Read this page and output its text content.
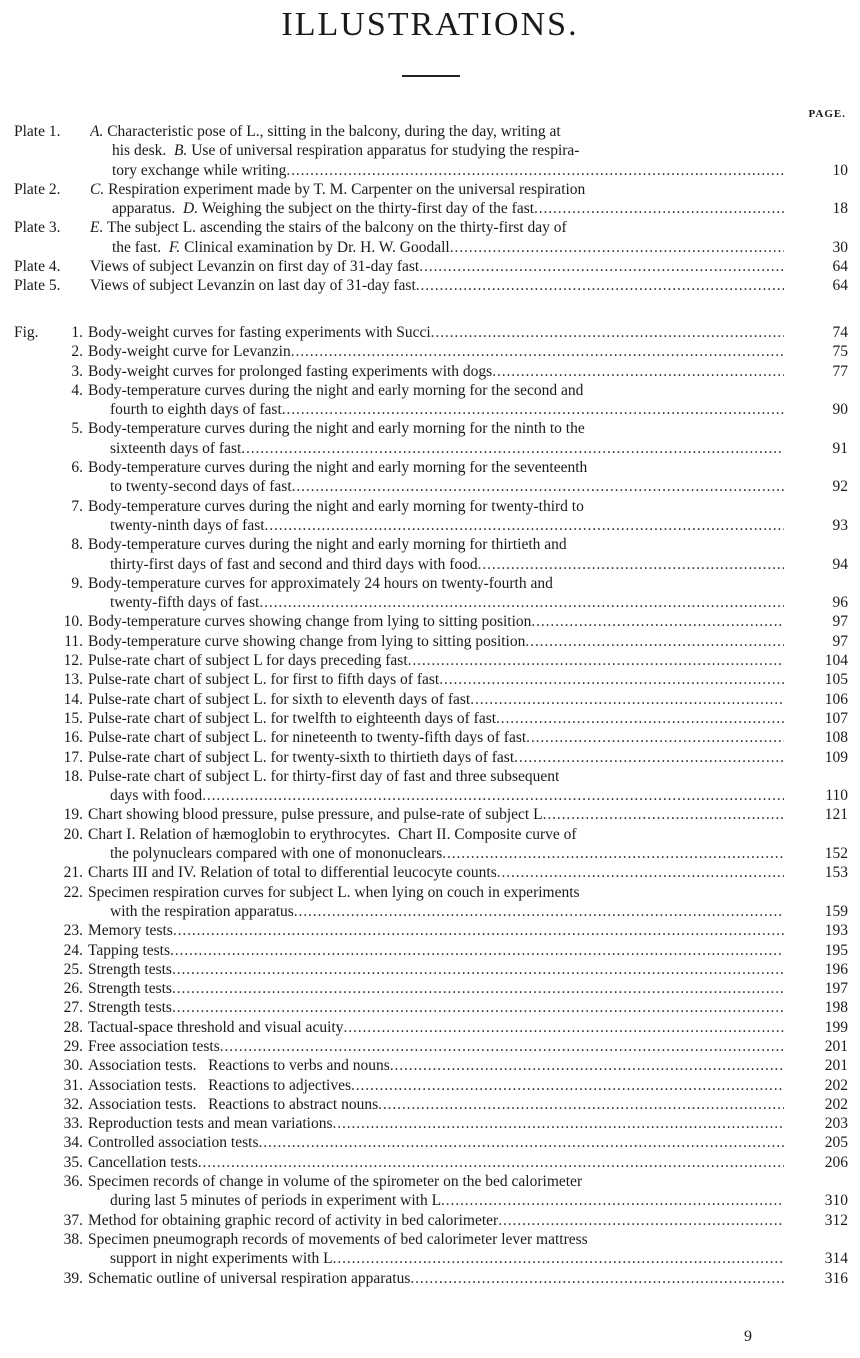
ILLUSTRATIONS.
PAGE.
Plate 1. A. Characteristic pose of L., sitting in the balcony, during the day, writing at
his desk.  B. Use of universal respiration apparatus for studying the respira-
tory exchange while writing . . .	10
Plate 2. C. Respiration experiment made by T. M. Carpenter on the universal respiration
apparatus.  D. Weighing the subject on the thirty-first day of the fast . . .	18
Plate 3. E. The subject L. ascending the stairs of the balcony on the thirty-first day of
the fast.  F. Clinical examination by Dr. H. W. Goodall . . .	30
Plate 4. Views of subject Levanzin on first day of 31-day fast . . .	64
Plate 5. Views of subject Levanzin on last day of 31-day fast . . .	64
Fig. 1. Body-weight curves for fasting experiments with Succi . . .	74
2. Body-weight curve for Levanzin . . .	75
3. Body-weight curves for prolonged fasting experiments with dogs . . .	77
4. Body-temperature curves during the night and early morning for the second and
fourth to eighth days of fast . . .	90
5. Body-temperature curves during the night and early morning for the ninth to the
sixteenth days of fast . . .	91
6. Body-temperature curves during the night and early morning for the seventeenth
to twenty-second days of fast . . .	92
7. Body-temperature curves during the night and early morning for twenty-third to
twenty-ninth days of fast . . .	93
8. Body-temperature curves during the night and early morning for thirtieth and
thirty-first days of fast and second and third days with food . . .	94
9. Body-temperature curves for approximately 24 hours on twenty-fourth and
twenty-fifth days of fast . . .	96
10. Body-temperature curves showing change from lying to sitting position . . .	97
11. Body-temperature curve showing change from lying to sitting position . . .	97
12. Pulse-rate chart of subject L for days preceding fast . . .	104
13. Pulse-rate chart of subject L. for first to fifth days of fast . . .	105
14. Pulse-rate chart of subject L. for sixth to eleventh days of fast . . .	106
15. Pulse-rate chart of subject L. for twelfth to eighteenth days of fast . . .	107
16. Pulse-rate chart of subject L. for nineteenth to twenty-fifth days of fast . . .	108
17. Pulse-rate chart of subject L. for twenty-sixth to thirtieth days of fast . . .	109
18. Pulse-rate chart of subject L. for thirty-first day of fast and three subsequent
days with food . . .	110
19. Chart showing blood pressure, pulse pressure, and pulse-rate of subject L . . .	121
20. Chart I. Relation of hæmoglobin to erythrocytes.  Chart II. Composite curve of
the polynuclears compared with one of mononuclears . . .	152
21. Charts III and IV. Relation of total to differential leucocyte counts . . .	153
22. Specimen respiration curves for subject L. when lying on couch in experiments
with the respiration apparatus . . .	159
23. Memory tests . . .	193
24. Tapping tests . . .	195
25. Strength tests . . .	196
26. Strength tests . . .	197
27. Strength tests . . .	198
28. Tactual-space threshold and visual acuity . . .	199
29. Free association tests . . .	201
30. Association tests.   Reactions to verbs and nouns . . .	201
31. Association tests.   Reactions to adjectives . . .	202
32. Association tests.   Reactions to abstract nouns . . .	202
33. Reproduction tests and mean variations . . .	203
34. Controlled association tests . . .	205
35. Cancellation tests . . .	206
36. Specimen records of change in volume of the spirometer on the bed calorimeter
during last 5 minutes of periods in experiment with L . . .	310
37. Method for obtaining graphic record of activity in bed calorimeter . . .	312
38. Specimen pneumograph records of movements of bed calorimeter lever mattress
support in night experiments with L . . .	314
39. Schematic outline of universal respiration apparatus . . .	316
9
